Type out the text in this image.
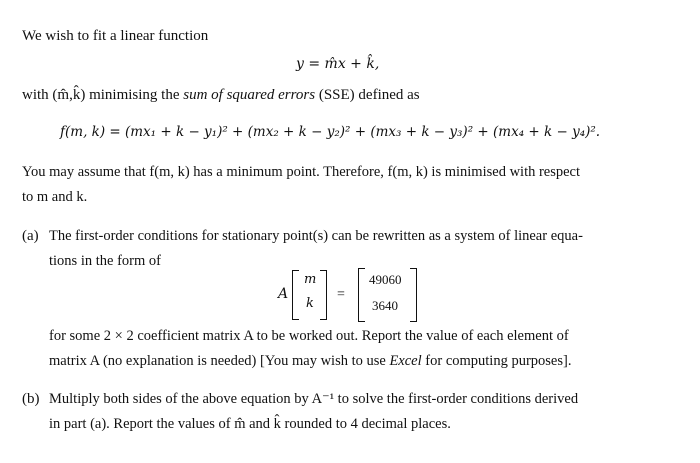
We wish to fit a linear function
y = m̂x + k̂,
with (m̂,k̂) minimising the sum of squared errors (SSE) defined as
f(m, k) = (mx₁ + k − y₁)² + (mx₂ + k − y₂)² + (mx₃ + k − y₃)² + (mx₄ + k − y₄)².
You may assume that f(m, k) has a minimum point. Therefore, f(m, k) is minimised with respect
to m and k.
(a) The first-order conditions for stationary point(s) can be rewritten as a system of linear equa-
tions in the form of
A
m
k
=
49060
3640
for some 2 × 2 coefficient matrix A to be worked out. Report the value of each element of
matrix A (no explanation is needed) [You may wish to use Excel for computing purposes].
(b) Multiply both sides of the above equation by A⁻¹ to solve the first-order conditions derived
in part (a). Report the values of m̂ and k̂ rounded to 4 decimal places.
